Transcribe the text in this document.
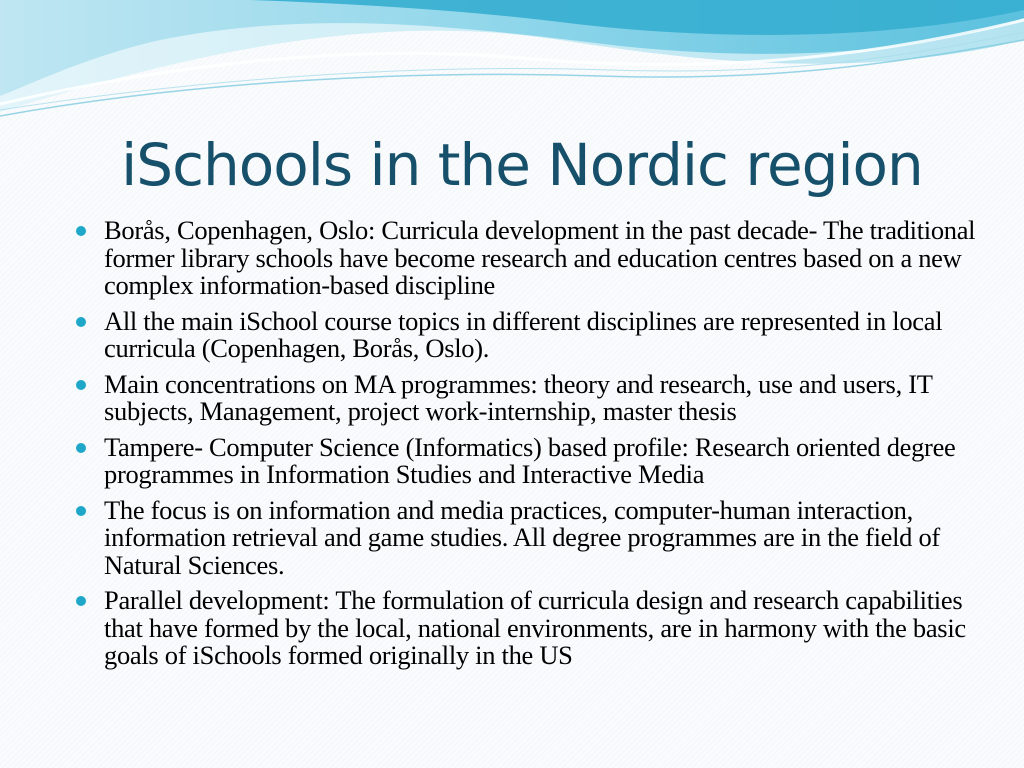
iSchools in the Nordic region
Borås, Copenhagen, Oslo: Curricula development in the past decade- The traditional former library schools have become research and education centres based on a new complex information-based discipline
All the main iSchool course topics in different disciplines are represented in local curricula (Copenhagen, Borås, Oslo).
Main concentrations on MA programmes: theory and research, use and users, IT subjects, Management, project work-internship, master thesis
Tampere- Computer Science (Informatics) based profile: Research oriented degree programmes in Information Studies and Interactive Media
The focus is on information and media practices, computer-human interaction, information retrieval and game studies. All degree programmes are in the field of Natural Sciences.
Parallel development: The formulation of curricula design and research capabilities that have formed by the local, national environments, are in harmony with the basic goals of iSchools formed originally in the US
